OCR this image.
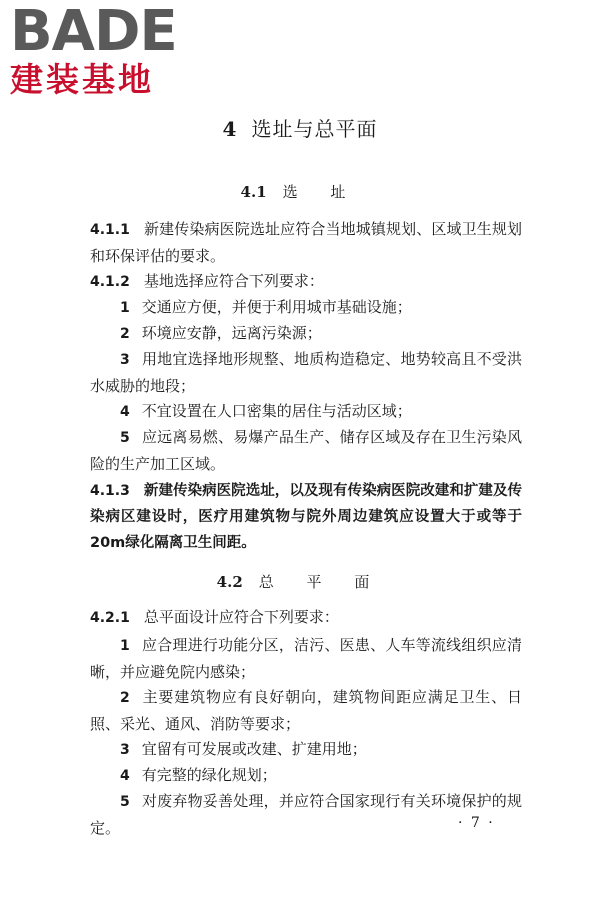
BADE
建装基地
4 选址与总平面
4.1 选 址
4.1.1 新建传染病医院选址应符合当地城镇规划、区域卫生规划和环保评估的要求。
4.1.2 基地选择应符合下列要求：
1 交通应方便，并便于利用城市基础设施；
2 环境应安静，远离污染源；
3 用地宜选择地形规整、地质构造稳定、地势较高且不受洪水威胁的地段；
4 不宜设置在人口密集的居住与活动区域；
5 应远离易燃、易爆产品生产、储存区域及存在卫生污染风险的生产加工区域。
4.1.3 新建传染病医院选址，以及现有传染病医院改建和扩建及传染病区建设时，医疗用建筑物与院外周边建筑应设置大于或等于20m绿化隔离卫生间距。
4.2 总 平 面
4.2.1 总平面设计应符合下列要求：
1 应合理进行功能分区，洁污、医患、人车等流线组织应清晰，并应避免院内感染；
2 主要建筑物应有良好朝向，建筑物间距应满足卫生、日照、采光、通风、消防等要求；
3 宜留有可发展或改建、扩建用地；
4 有完整的绿化规划；
5 对废弃物妥善处理，并应符合国家现行有关环境保护的规定。	· 7 ·
